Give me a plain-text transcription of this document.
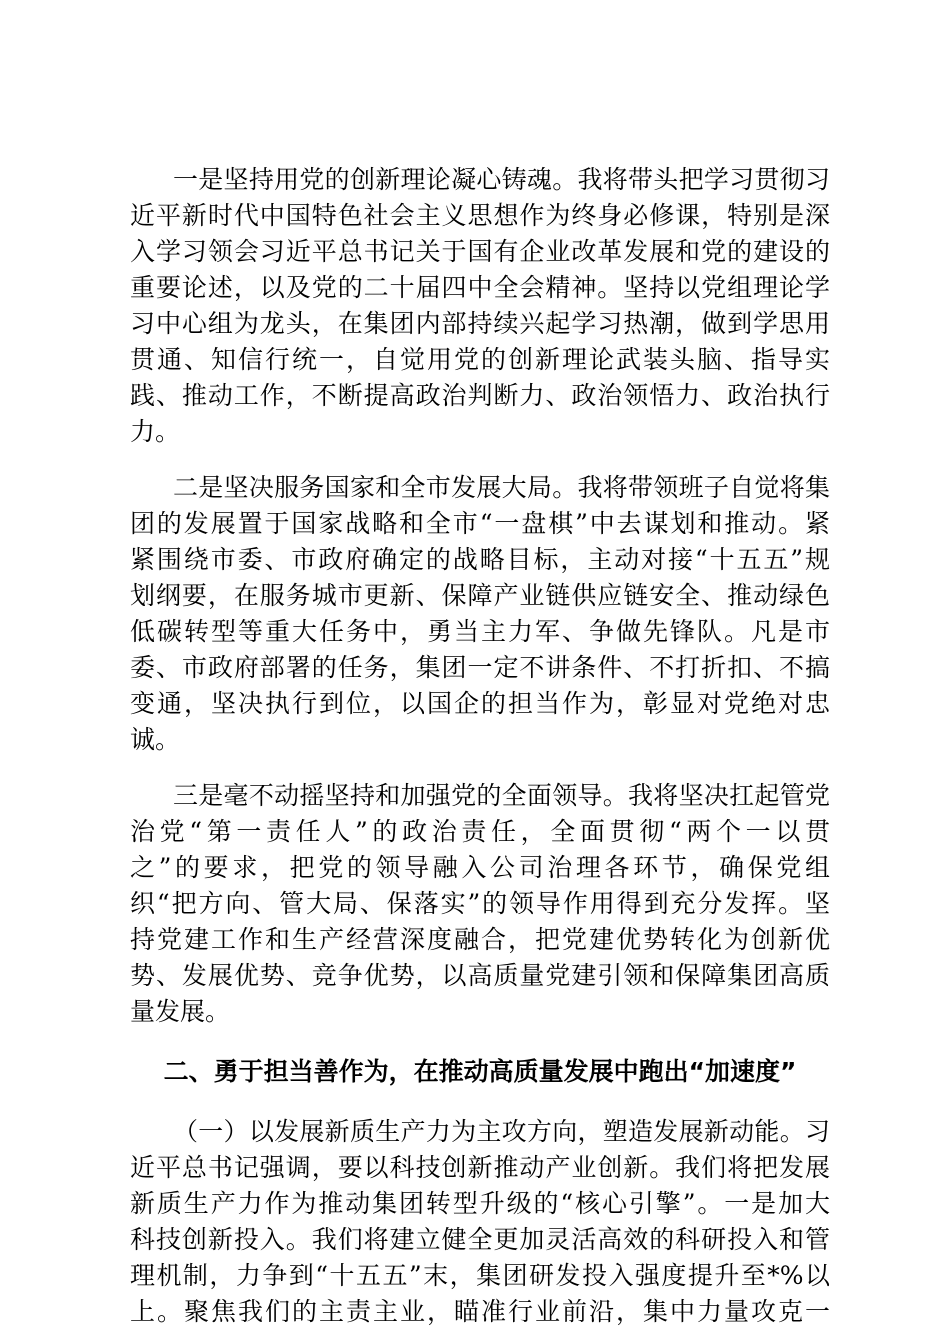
一是坚持用党的创新理论凝心铸魂。我将带头把学习贯彻习
近平新时代中国特色社会主义思想作为终身必修课，特别是深
入学习领会习近平总书记关于国有企业改革发展和党的建设的
重要论述，以及党的二十届四中全会精神。坚持以党组理论学
习中心组为龙头，在集团内部持续兴起学习热潮，做到学思用
贯通、知信行统一，自觉用党的创新理论武装头脑、指导实
践、推动工作，不断提高政治判断力、政治领悟力、政治执行
力。
二是坚决服务国家和全市发展大局。我将带领班子自觉将集
团的发展置于国家战略和全市“一盘棋”中去谋划和推动。紧
紧围绕市委、市政府确定的战略目标，主动对接“十五五”规
划纲要，在服务城市更新、保障产业链供应链安全、推动绿色
低碳转型等重大任务中，勇当主力军、争做先锋队。凡是市
委、市政府部署的任务，集团一定不讲条件、不打折扣、不搞
变通，坚决执行到位，以国企的担当作为，彰显对党绝对忠
诚。
三是毫不动摇坚持和加强党的全面领导。我将坚决扛起管党
治党“第一责任人”的政治责任，全面贯彻“两个一以贯
之”的要求，把党的领导融入公司治理各环节，确保党组
织“把方向、管大局、保落实”的领导作用得到充分发挥。坚
持党建工作和生产经营深度融合，把党建优势转化为创新优
势、发展优势、竞争优势，以高质量党建引领和保障集团高质
量发展。
二、勇于担当善作为，在推动高质量发展中跑出“加速度”
（一）以发展新质生产力为主攻方向，塑造发展新动能。习
近平总书记强调，要以科技创新推动产业创新。我们将把发展
新质生产力作为推动集团转型升级的“核心引擎”。一是加大
科技创新投入。我们将建立健全更加灵活高效的科研投入和管
理机制，力争到“十五五”末，集团研发投入强度提升至*%以
上。聚焦我们的主责主业，瞄准行业前沿，集中力量攻克一
